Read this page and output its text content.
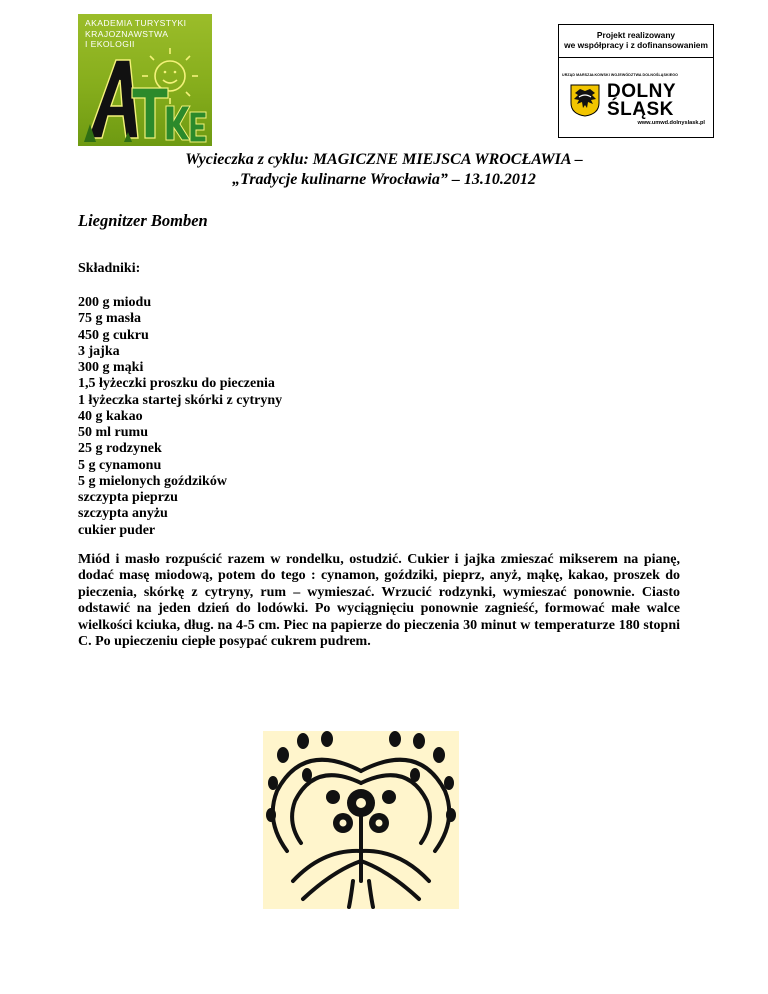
AKADEMIA TURYSTYKI
KRAJOZNAWSTWA
I EKOLOGII
Projekt realizowany
we współpracy i z dofinansowaniem
URZĄD MARSZAŁKOWSKI WOJEWÓDZTWA DOLNOŚLĄSKIEGO
DOLNY
ŚLĄSK
www.umwd.dolnyslask.pl
Wycieczka z cyklu: MAGICZNE MIEJSCA WROCŁAWIA –
„Tradycje kulinarne Wrocławia” – 13.10.2012
Liegnitzer Bomben
Składniki:
200 g miodu
75 g masła
450 g cukru
3 jajka
300 g mąki
1,5 łyżeczki proszku do pieczenia
1 łyżeczka startej skórki z cytryny
40 g kakao
50 ml rumu
25 g rodzynek
5 g cynamonu
5 g mielonych goździków
szczypta pieprzu
szczypta anyżu
cukier puder

Miód i masło rozpuścić razem w rondelku, ostudzić. Cukier i jajka zmieszać mikserem na pianę, dodać masę miodową, potem do tego : cynamon, goździki, pieprz, anyż, mąkę, kakao, proszek do pieczenia, skórkę z cytryny, rum – wymieszać. Wrzucić rodzynki, wymieszać ponownie. Ciasto odstawić na jeden dzień do lodówki. Po wyciągnięciu ponownie zagnieść, formować małe walce wielkości kciuka, dług. na 4-5 cm. Piec na papierze do pieczenia 30 minut w temperaturze 180 stopni C. Po upieczeniu ciepłe posypać cukrem pudrem.
